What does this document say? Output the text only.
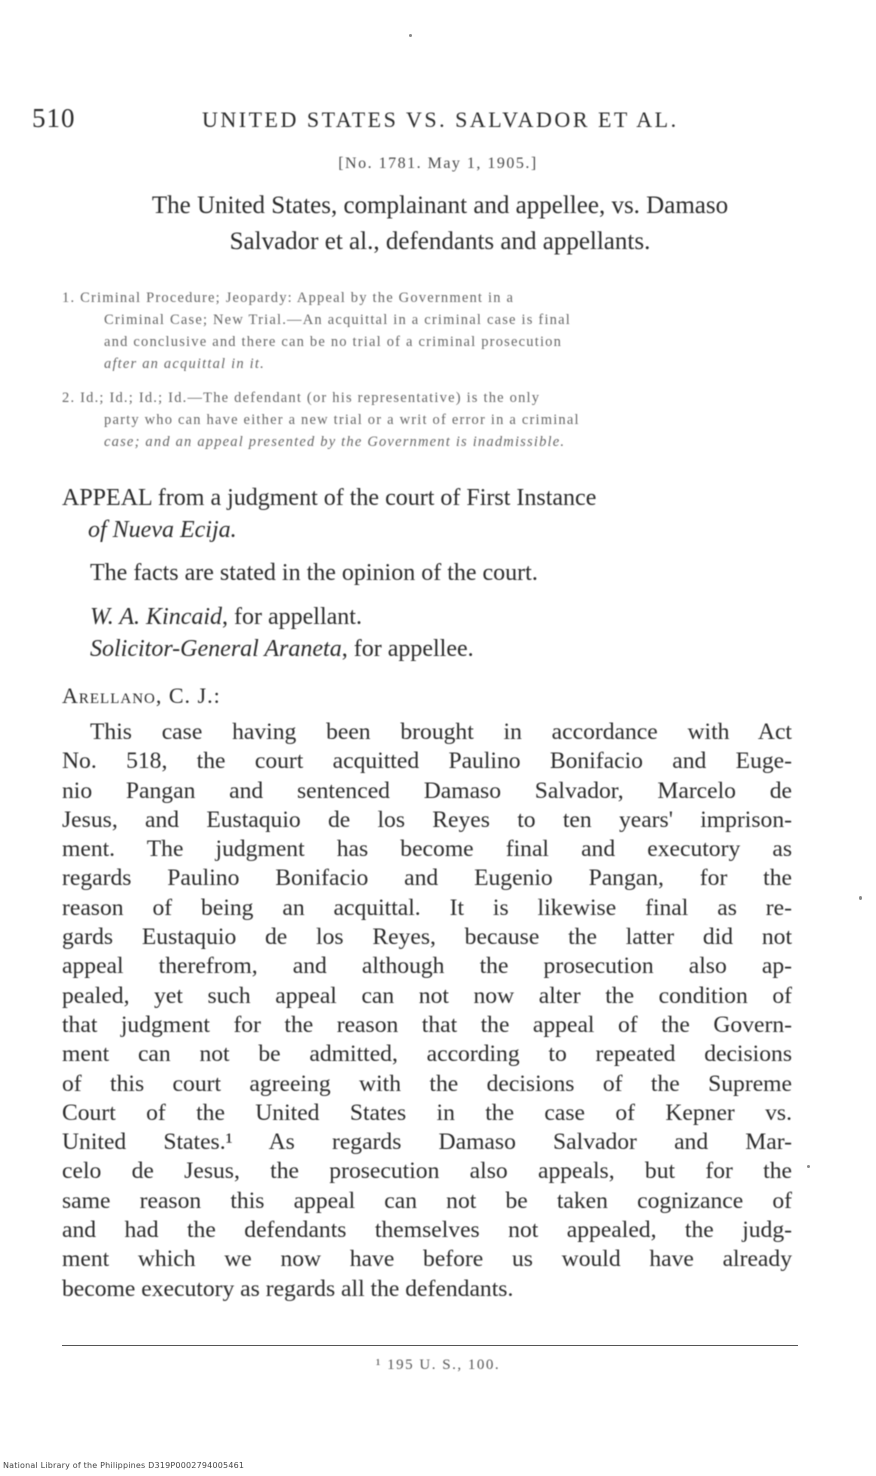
510	UNITED STATES VS. SALVADOR ET AL.
[No. 1781. May 1, 1905.]
The United States, complainant and appellee, vs. Damaso
Salvador et al., defendants and appellants.
1. Criminal Procedure; Jeopardy: Appeal by the Government in a
Criminal Case; New Trial.—An acquittal in a criminal case is final
and conclusive and there can be no trial of a criminal prosecution
after an acquittal in it.
2. Id.; Id.; Id.; Id.—The defendant (or his representative) is the only
party who can have either a new trial or a writ of error in a criminal
case; and an appeal presented by the Government is inadmissible.
APPEAL from a judgment of the court of First Instance
of Nueva Ecija.
The facts are stated in the opinion of the court.
W. A. Kincaid, for appellant.
Solicitor-General Araneta, for appellee.
Arellano, C. J.:
This case having been brought in accordance with Act
No. 518, the court acquitted Paulino Bonifacio and Euge-
nio Pangan and sentenced Damaso Salvador, Marcelo de
Jesus, and Eustaquio de los Reyes to ten years' imprison-
ment. The judgment has become final and executory as
regards Paulino Bonifacio and Eugenio Pangan, for the
reason of being an acquittal. It is likewise final as re-
gards Eustaquio de los Reyes, because the latter did not
appeal therefrom, and although the prosecution also ap-
pealed, yet such appeal can not now alter the condition of
that judgment for the reason that the appeal of the Govern-
ment can not be admitted, according to repeated decisions
of this court agreeing with the decisions of the Supreme
Court of the United States in the case of Kepner vs.
United States.¹ As regards Damaso Salvador and Mar-
celo de Jesus, the prosecution also appeals, but for the
same reason this appeal can not be taken cognizance of
and had the defendants themselves not appealed, the judg-
ment which we now have before us would have already
become executory as regards all the defendants.
¹ 195 U. S., 100.
National Library of the Philippines D319P0002794005461
